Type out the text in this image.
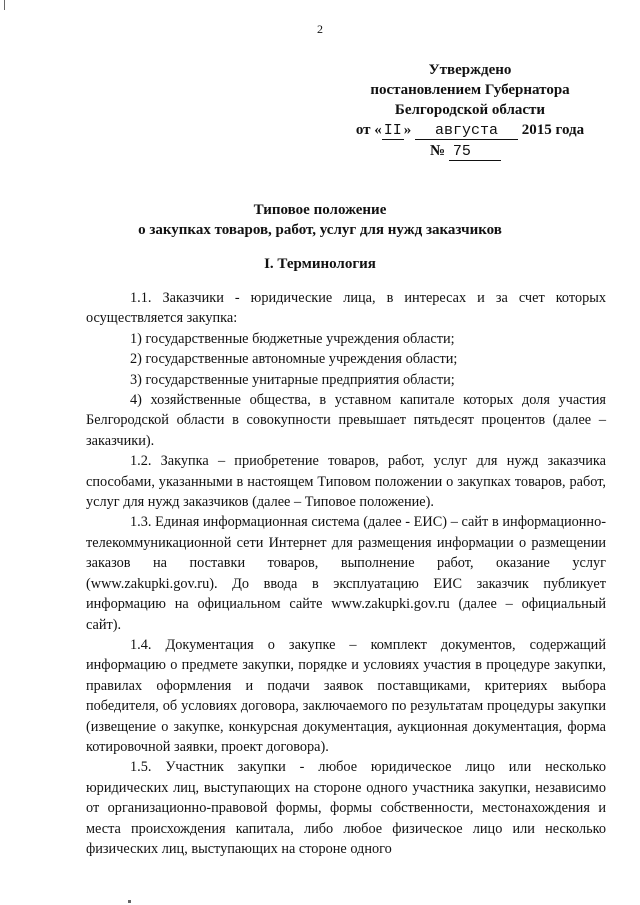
2
Утверждено
постановлением Губернатора
Белгородской области
от « II » августа 2015 года
№ 75
Типовое положение
о закупках товаров, работ, услуг для нужд заказчиков
I. Терминология

1.1. Заказчики - юридические лица, в интересах и за счет которых осуществляется закупка:

1) государственные бюджетные учреждения области;

2) государственные автономные учреждения области;

3) государственные унитарные предприятия области;

4) хозяйственные общества, в уставном капитале которых доля участия Белгородской области в совокупности превышает пятьдесят процентов (далее – заказчики).

1.2. Закупка – приобретение товаров, работ, услуг для нужд заказчика способами, указанными в настоящем Типовом положении о закупках товаров, работ, услуг для нужд заказчиков (далее – Типовое положение).

1.3. Единая информационная система (далее - ЕИС) – сайт в информационно-телекоммуникационной сети Интернет для размещения информации о размещении заказов на поставки товаров, выполнение работ, оказание услуг (www.zakupki.gov.ru). До ввода в эксплуатацию ЕИС заказчик публикует информацию на официальном сайте www.zakupki.gov.ru (далее – официальный сайт).

1.4. Документация о закупке – комплект документов, содержащий информацию о предмете закупки, порядке и условиях участия в процедуре закупки, правилах оформления и подачи заявок поставщиками, критериях выбора победителя, об условиях договора, заключаемого по результатам процедуры закупки (извещение о закупке, конкурсная документация, аукционная документация, форма котировочной заявки, проект договора).

1.5. Участник закупки - любое юридическое лицо или несколько юридических лиц, выступающих на стороне одного участника закупки, независимо от организационно-правовой формы, формы собственности, местонахождения и места происхождения капитала, либо любое физическое лицо или несколько физических лиц, выступающих на стороне одного
